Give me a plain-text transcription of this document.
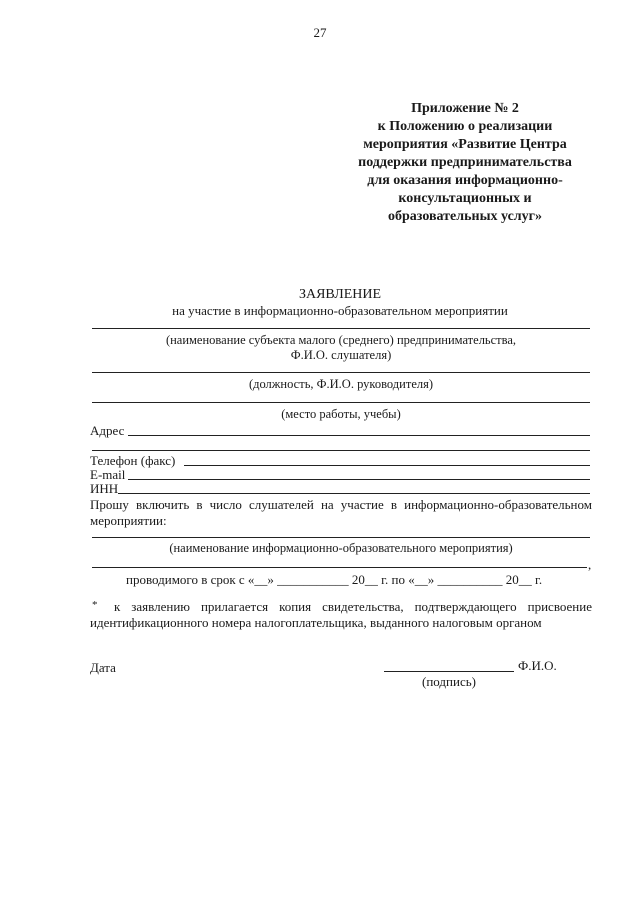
27
Приложение № 2
к Положению о реализации
мероприятия «Развитие Центра
поддержки предпринимательства
для оказания информационно-
консультационных и
образовательных услуг»
ЗАЯВЛЕНИЕ
на участие в информационно-образовательном мероприятии
(наименование субъекта малого (среднего) предпринимательства,
Ф.И.О. слушателя)
(должность, Ф.И.О. руководителя)
(место работы, учебы)
Адрес
Телефон (факс)
E-mail
ИНН
Прошу включить в число слушателей на участие в информационно-образовательном
мероприятии:
(наименование информационно-образовательного мероприятия)
,
проводимого в срок с «__» ___________ 20__ г. по «__» __________ 20__ г.
* к заявлению прилагается копия свидетельства, подтверждающего присвоение
идентификационного номера налогоплательщика, выданного налоговым органом
Дата	Ф.И.О.
(подпись)
